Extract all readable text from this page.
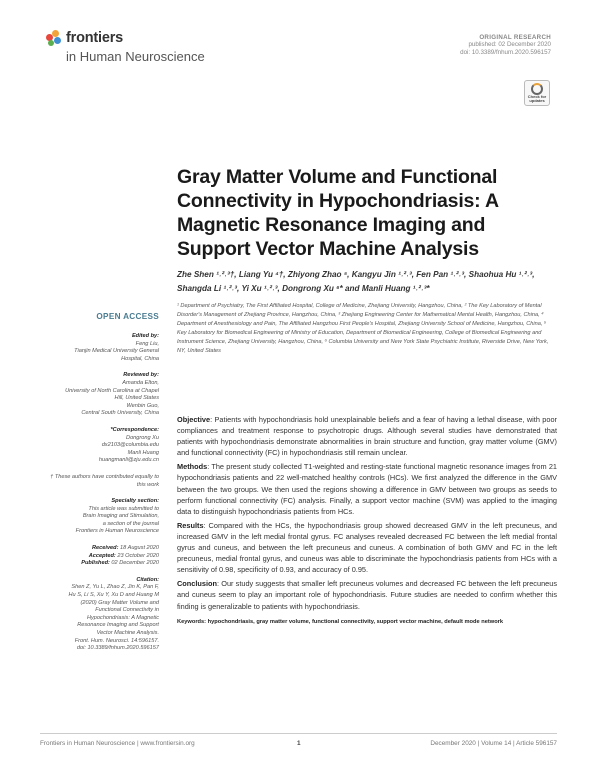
frontiers
in Human Neuroscience
ORIGINAL RESEARCH
published: 02 December 2020
doi: 10.3389/fnhum.2020.596157
Check for
updates
Gray Matter Volume and Functional Connectivity in Hypochondriasis: A Magnetic Resonance Imaging and Support Vector Machine Analysis
Zhe Shen ¹˒²˒³†, Liang Yu ⁴†, Zhiyong Zhao ⁵, Kangyu Jin ¹˒²˒³, Fen Pan ¹˒²˒³, Shaohua Hu ¹˒²˒³, Shangda Li ¹˒²˒³, Yi Xu ¹˒²˒³, Dongrong Xu ⁶* and Manli Huang ¹˒²˒³*
¹ Department of Psychiatry, The First Affiliated Hospital, College of Medicine, Zhejiang University, Hangzhou, China, ² The Key Laboratory of Mental Disorder's Management of Zhejiang Province, Hangzhou, China, ³ Zhejiang Engineering Center for Mathematical Mental Health, Hangzhou, China, ⁴ Department of Anesthesiology and Pain, The Affiliated Hangzhou First People's Hospital, Zhejiang University School of Medicine, Hangzhou, China, ⁵ Key Laboratory for Biomedical Engineering of Ministry of Education, Department of Biomedical Engineering, College of Biomedical Engineering and Instrument Science, Zhejiang University, Hangzhou, China, ⁶ Columbia University and New York State Psychiatric Institute, Riverside Drive, New York, NY, United States
OPEN ACCESS
Edited by:
Feng Liu,
Tianjin Medical University General
Hospital, China
Reviewed by:
Amanda Elton,
University of North Carolina at Chapel
Hill, United States
Wenbin Guo,
Central South University, China
*Correspondence:
Dongrong Xu
dx2103@columbia.edu
Manli Huang
huangmanli@zju.edu.cn
† These authors have contributed equally to this work
Specialty section:
This article was submitted to
Brain Imaging and Stimulation,
a section of the journal
Frontiers in Human Neuroscience
Received: 18 August 2020
Accepted: 23 October 2020
Published: 02 December 2020
Citation:
Shen Z, Yu L, Zhao Z, Jin K, Pan F,
Hu S, Li S, Xu Y, Xu D and Huang M
(2020) Gray Matter Volume and
Functional Connectivity in
Hypochondriasis: A Magnetic
Resonance Imaging and Support
Vector Machine Analysis.
Front. Hum. Neurosci. 14:596157.
doi: 10.3389/fnhum.2020.596157

Objective: Patients with hypochondriasis hold unexplainable beliefs and a fear of having a lethal disease, with poor compliances and treatment response to psychotropic drugs. Although several studies have demonstrated that patients with hypochondriasis demonstrate abnormalities in brain structure and function, gray matter volume (GMV) and functional connectivity (FC) in hypochondriasis still remain unclear.

Methods: The present study collected T1-weighted and resting-state functional magnetic resonance images from 21 hypochondriasis patients and 22 well-matched healthy controls (HCs). We first analyzed the difference in the GMV between the two groups. We then used the regions showing a difference in GMV between two groups as seeds to perform functional connectivity (FC) analysis. Finally, a support vector machine (SVM) was applied to the imaging data to distinguish hypochondriasis patients from HCs.

Results: Compared with the HCs, the hypochondriasis group showed decreased GMV in the left precuneus, and increased GMV in the left medial frontal gyrus. FC analyses revealed decreased FC between the left medial frontal gyrus and cuneus, and between the left precuneus and cuneus. A combination of both GMV and FC in the left precuneus, medial frontal gyrus, and cuneus was able to discriminate the hypochondriasis patients from HCs with a sensitivity of 0.98, specificity of 0.93, and accuracy of 0.95.

Conclusion: Our study suggests that smaller left precuneus volumes and decreased FC between the left precuneus and cuneus seem to play an important role of hypochondriasis. Future studies are needed to confirm whether this finding is generalizable to patients with hypochondriasis.

Keywords: hypochondriasis, gray matter volume, functional connectivity, support vector machine, default mode network
Frontiers in Human Neuroscience | www.frontiersin.org	1	December 2020 | Volume 14 | Article 596157
